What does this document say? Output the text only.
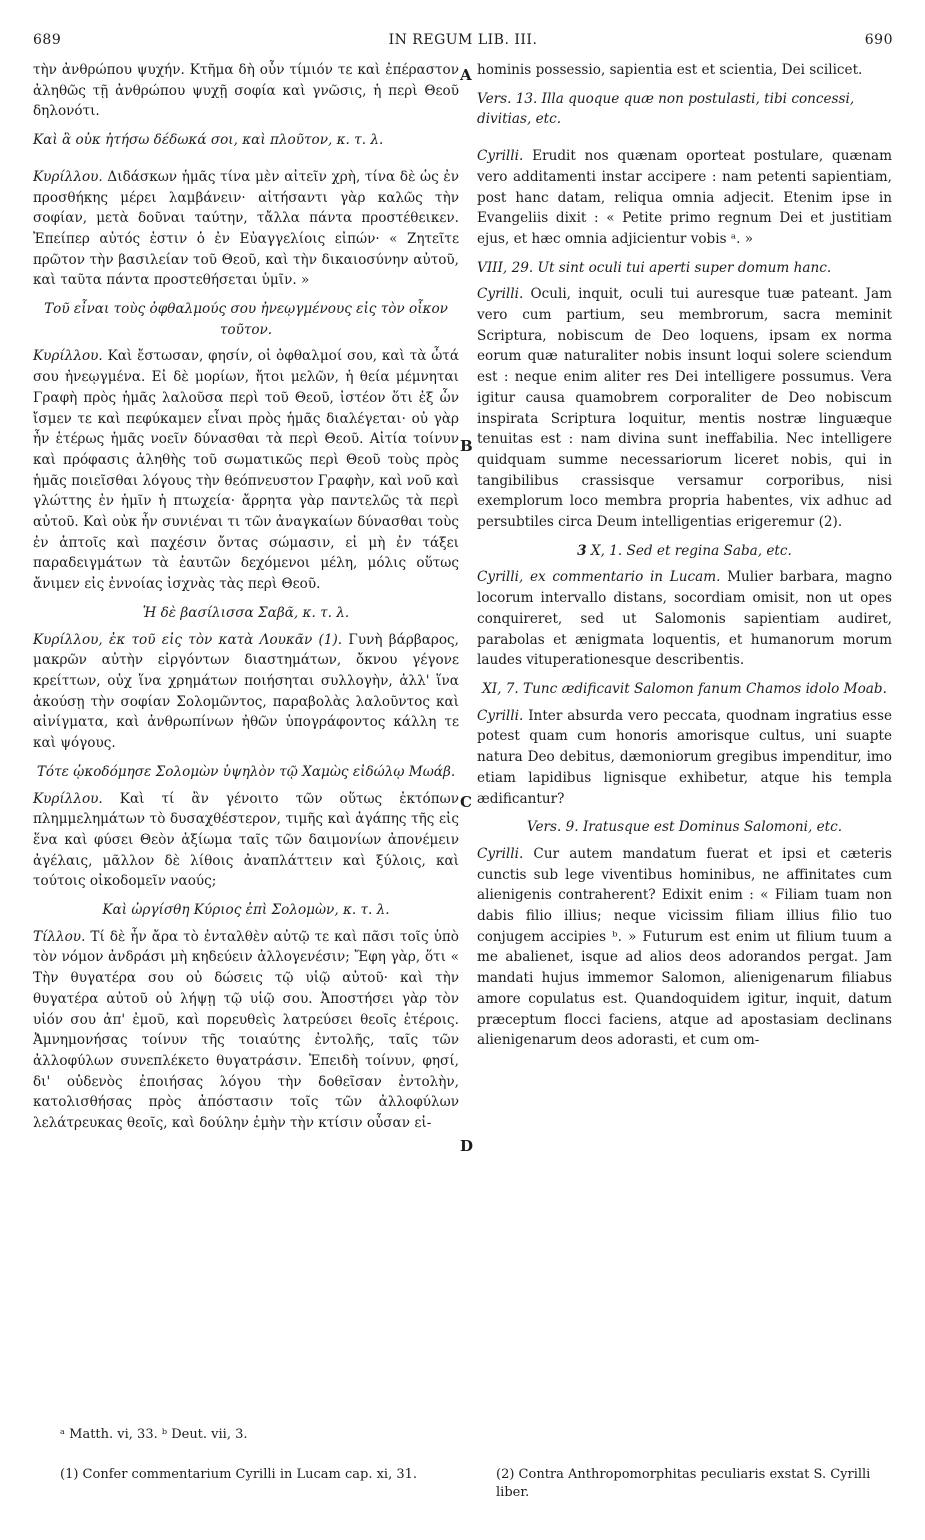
689	IN REGUM LIB. III.	690

τὴν ἀνθρώπου ψυχήν. Κτῆμα δὴ οὖν τίμιόν τε καὶ ἐπέραστον ἀληθῶς τῇ ἀνθρώπου ψυχῇ σοφία καὶ γνῶσις, ἡ περὶ Θεοῦ δηλονότι.

Καὶ ἃ οὐκ ἠτήσω δέδωκά σοι, καὶ πλοῦτον, κ. τ. λ.

Κυρίλλου. Διδάσκων ἡμᾶς τίνα μὲν αἰτεῖν χρὴ, τίνα δὲ ὡς ἐν προσθήκης μέρει λαμβάνειν· αἰτήσαντι γὰρ καλῶς τὴν σοφίαν, μετὰ δοῦναι ταύτην, τἄλλα πάντα προστέθεικεν. Ἐπείπερ αὐτός ἐστιν ὁ ἐν Εὐαγγελίοις εἰπών· « Ζητεῖτε πρῶτον τὴν βασιλείαν τοῦ Θεοῦ, καὶ τὴν δικαιοσύνην αὐτοῦ, καὶ ταῦτα πάντα προστεθήσεται ὑμῖν. »

Τοῦ εἶναι τοὺς ὀφθαλμούς σου ἠνεῳγμένους εἰς τὸν οἶκον τοῦτον.

Κυρίλλου. Καὶ ἔστωσαν, φησίν, οἱ ὀφθαλμοί σου, καὶ τὰ ὦτά σου ἠνεῳγμένα. Εἰ δὲ μορίων, ἤτοι μελῶν, ἡ θεία μέμνηται Γραφὴ πρὸς ἡμᾶς λαλοῦσα περὶ τοῦ Θεοῦ, ἰστέον ὅτι ἐξ ὧν ἴσμεν τε καὶ πεφύκαμεν εἶναι πρὸς ἡμᾶς διαλέγεται· οὐ γὰρ ἦν ἑτέρως ἡμᾶς νοεῖν δύνασθαι τὰ περὶ Θεοῦ. Αἰτία τοίνυν καὶ πρόφασις ἀληθὴς τοῦ σωματικῶς περὶ Θεοῦ τοὺς πρὸς ἡμᾶς ποιεῖσθαι λόγους τὴν θεόπνευστον Γραφὴν, καὶ νοῦ καὶ γλώττης ἐν ἡμῖν ἡ πτωχεία· ἄρρητα γὰρ παντελῶς τὰ περὶ αὐτοῦ. Καὶ οὐκ ἦν συνιέναι τι τῶν ἀναγκαίων δύνασθαι τοὺς ἐν ἁπτοῖς καὶ παχέσιν ὄντας σώμασιν, εἰ μὴ ἐν τάξει παραδειγμάτων τὰ ἑαυτῶν δεχόμενοι μέλη, μόλις οὕτως ἄνιμεν εἰς ἐννοίας ἰσχνὰς τὰς περὶ Θεοῦ.

Ἡ δὲ βασίλισσα Σαβᾶ, κ. τ. λ.

Κυρίλλου, ἐκ τοῦ εἰς τὸν κατὰ Λουκᾶν (1). Γυνὴ βάρβαρος, μακρῶν αὐτὴν εἰργόντων διαστημάτων, ὄκνου γέγονε κρείττων, οὐχ ἵνα χρημάτων ποιήσηται συλλογὴν, ἀλλ' ἵνα ἀκούσῃ τὴν σοφίαν Σολομῶντος, παραβολὰς λαλοῦντος καὶ αἰνίγματα, καὶ ἀνθρωπίνων ἠθῶν ὑπογράφοντος κάλλη τε καὶ ψόγους.

Τότε ᾠκοδόμησε Σολομὼν ὑψηλὸν τῷ Χαμὼς εἰδώλῳ Μωάβ.

Κυρίλλου. Καὶ τί ἂν γένοιτο τῶν οὕτως ἐκτόπων πλημμελημάτων τὸ δυσαχθέστερον, τιμῆς καὶ ἀγάπης τῆς εἰς ἕνα καὶ φύσει Θεὸν ἀξίωμα ταῖς τῶν δαιμονίων ἀπονέμειν ἀγέλαις, μᾶλλον δὲ λίθοις ἀναπλάττειν καὶ ξύλοις, καὶ τούτοις οἰκοδομεῖν ναούς;

Καὶ ὠργίσθη Κύριος ἐπὶ Σολομὼν, κ. τ. λ.

Τίλλου. Τί δὲ ἦν ἄρα τὸ ἐνταλθὲν αὐτῷ τε καὶ πᾶσι τοῖς ὑπὸ τὸν νόμον ἀνδράσι μὴ κηδεύειν ἀλλογενέσιν; Ἔφη γὰρ, ὅτι « Τὴν θυγατέρα σου οὐ δώσεις τῷ υἱῷ αὐτοῦ· καὶ τὴν θυγατέρα αὐτοῦ οὐ λήψῃ τῷ υἱῷ σου. Ἀποστήσει γὰρ τὸν υἱόν σου ἀπ' ἐμοῦ, καὶ πορευθεὶς λατρεύσει θεοῖς ἑτέροις. Ἀμνημονήσας τοίνυν τῆς τοιαύτης ἐντολῆς, ταῖς τῶν ἀλλοφύλων συνεπλέκετο θυγατράσιν. Ἐπειδὴ τοίνυν, φησί, δι' οὐδενὸς ἐποιήσας λόγου τὴν δοθεῖσαν ἐντολὴν, κατολισθήσας πρὸς ἀπόστασιν τοῖς τῶν ἀλλοφύλων λελάτρευκας θεοῖς, καὶ δούλην ἐμὴν τὴν κτίσιν οὖσαν εἰ-

hominis possessio, sapientia est et scientia, Dei scilicet.

Vers. 13. Illa quoque quæ non postulasti, tibi concessi, divitias, etc.

Cyrilli. Erudit nos quænam oporteat postulare, quænam vero additamenti instar accipere : nam petenti sapientiam, post hanc datam, reliqua omnia adjecit. Etenim ipse in Evangeliis dixit : « Petite primo regnum Dei et justitiam ejus, et hæc omnia adjicientur vobis ᵃ. »

VIII, 29. Ut sint oculi tui aperti super domum hanc.

Cyrilli. Oculi, inquit, oculi tui auresque tuæ pateant. Jam vero cum partium, seu membrorum, sacra meminit Scriptura, nobiscum de Deo loquens, ipsam ex norma eorum quæ naturaliter nobis insunt loqui solere sciendum est : neque enim aliter res Dei intelligere possumus. Vera igitur causa quamobrem corporaliter de Deo nobiscum inspirata Scriptura loquitur, mentis nostræ linguæque tenuitas est : nam divina sunt ineffabilia. Nec intelligere quidquam summe necessariorum liceret nobis, qui in tangibilibus crassisque versamur corporibus, nisi exemplorum loco membra propria habentes, vix adhuc ad persubtiles circa Deum intelligentias erigeremur (2).

3 X, 1. Sed et regina Saba, etc.

Cyrilli, ex commentario in Lucam. Mulier barbara, magno locorum intervallo distans, socordiam omisit, non ut opes conquireret, sed ut Salomonis sapientiam audiret, parabolas et ænigmata loquentis, et humanorum morum laudes vituperationesque describentis.

XI, 7. Tunc ædificavit Salomon fanum Chamos idolo Moab.

Cyrilli. Inter absurda vero peccata, quodnam ingratius esse potest quam cum honoris amorisque cultus, uni suapte natura Deo debitus, dæmoniorum gregibus impenditur, imo etiam lapidibus lignisque exhibetur, atque his templa ædificantur?

Vers. 9. Iratusque est Dominus Salomoni, etc.

Cyrilli. Cur autem mandatum fuerat et ipsi et cæteris cunctis sub lege viventibus hominibus, ne affinitates cum alienigenis contraherent? Edixit enim : « Filiam tuam non dabis filio illius; neque vicissim filiam illius filio tuo conjugem accipies ᵇ. » Futurum est enim ut filium tuum a me abalienet, isque ad alios deos adorandos pergat. Jam mandati hujus immemor Salomon, alienigenarum filiabus amore copulatus est. Quandoquidem igitur, inquit, datum præceptum flocci faciens, atque ad apostasiam declinans alienigenarum deos adorasti, et cum om-

A
B
C
D
ᵃ Matth. vi, 33. ᵇ Deut. vii, 3.
(1) Confer commentarium Cyrilli in Lucam cap. xi, 31.	(2) Contra Anthropomorphitas peculiaris exstat S. Cyrilli liber.
